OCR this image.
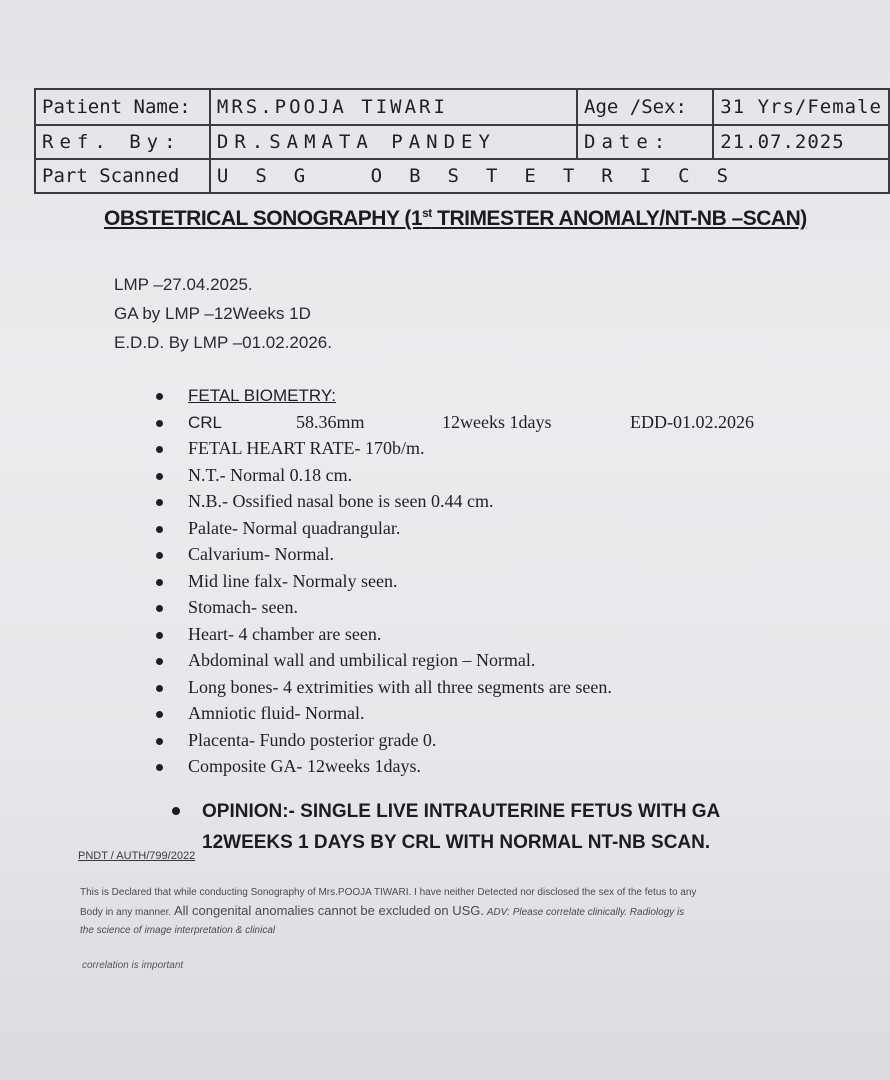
Patient Name:	MRS.POOJA TIWARI	Age /Sex:	31 Yrs/Female
Ref. By:	DR.SAMATA PANDEY	Date:	21.07.2025
Part Scanned	USG OBSTETRICS		
OBSTETRICAL SONOGRAPHY (1st TRIMESTER ANOMALY/NT-NB –SCAN)
LMP –27.04.2025.
GA by LMP –12Weeks 1D
E.D.D. By LMP –01.02.2026.
FETAL BIOMETRY:
CRL	58.36mm	12weeks 1days	EDD-01.02.2026
FETAL HEART RATE- 170b/m.
N.T.- Normal 0.18 cm.
N.B.- Ossified nasal bone is seen 0.44 cm.
Palate- Normal quadrangular.
Calvarium- Normal.
Mid line falx- Normaly seen.
Stomach- seen.
Heart- 4 chamber are seen.
Abdominal wall and umbilical region – Normal.
Long bones- 4 extrimities with all three segments are seen.
Amniotic fluid- Normal.
Placenta- Fundo posterior grade 0.
Composite GA- 12weeks 1days.
OPINION:- SINGLE LIVE INTRAUTERINE FETUS WITH GA
12WEEKS 1 DAYS BY CRL WITH NORMAL NT-NB SCAN.
PNDT / AUTH/799/2022
This is Declared that while conducting Sonography of Mrs.POOJA TIWARI. I have neither Detected nor disclosed the sex of the fetus to any
Body in any manner. All congenital anomalies cannot be excluded on USG. ADV: Please correlate clinically. Radiology is
the science of image interpretation & clinical
correlation is important
